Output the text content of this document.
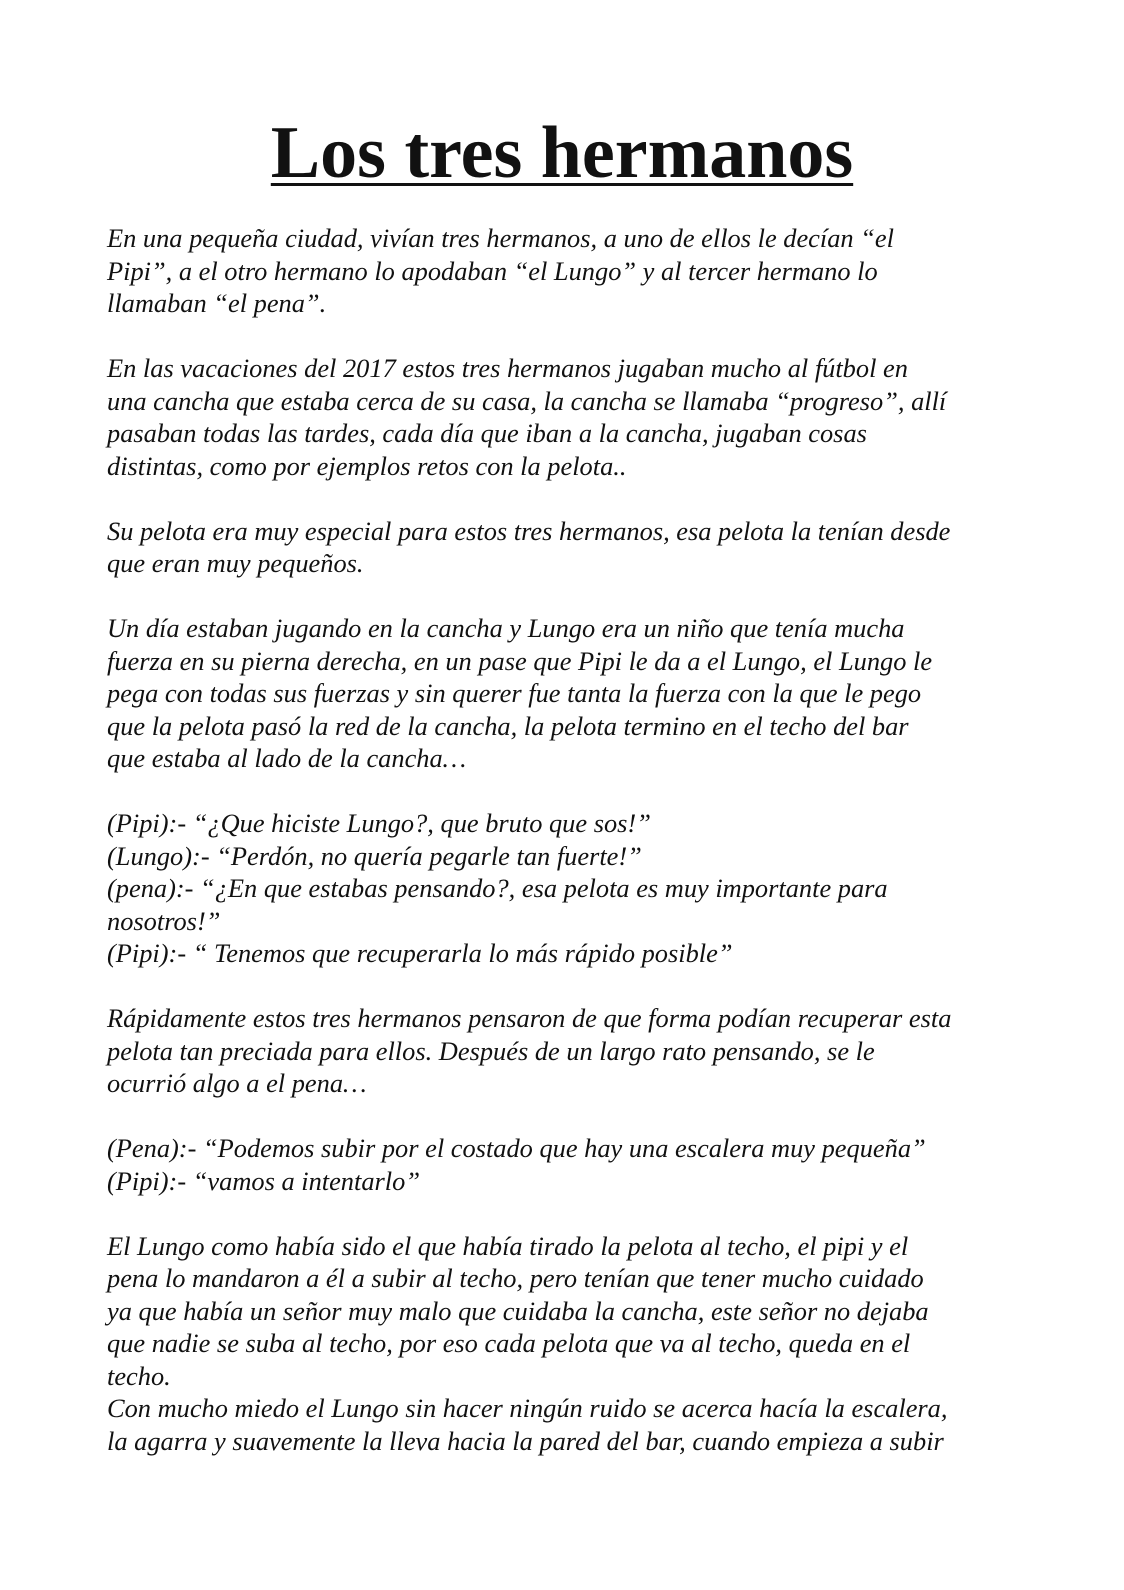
Los tres hermanos

En una pequeña ciudad, vivían tres hermanos, a uno de ellos le decían “el
Pipi”, a el otro hermano lo apodaban “el Lungo” y al tercer hermano lo
llamaban “el pena”.

En las vacaciones del 2017 estos tres hermanos jugaban mucho al fútbol en
una cancha que estaba cerca de su casa, la cancha se llamaba “progreso”, allí
pasaban todas las tardes, cada día que iban a la cancha, jugaban cosas
distintas, como por ejemplos retos con la pelota..

Su pelota era muy especial para estos tres hermanos, esa pelota la tenían desde
que eran muy pequeños.

Un día estaban jugando en la cancha y Lungo era un niño que tenía mucha
fuerza en su pierna derecha, en un pase que Pipi le da a el Lungo, el Lungo le
pega con todas sus fuerzas y sin querer fue tanta la fuerza con la que le pego
que la pelota pasó la red de la cancha, la pelota termino en el techo del bar
que estaba al lado de la cancha…

(Pipi):- “¿Que hiciste Lungo?, que bruto que sos!”
(Lungo):- “Perdón, no quería pegarle tan fuerte!”
(pena):- “¿En que estabas pensando?, esa pelota es muy importante para
nosotros!”
(Pipi):- “ Tenemos que recuperarla lo más rápido posible”

Rápidamente estos tres hermanos pensaron de que forma podían recuperar esta
pelota tan preciada para ellos. Después de un largo rato pensando, se le
ocurrió algo a el pena…

(Pena):- “Podemos subir por el costado que hay una escalera muy pequeña”
(Pipi):- “vamos a intentarlo”

El Lungo como había sido el que había tirado la pelota al techo, el pipi y el
pena lo mandaron a él a subir al techo, pero tenían que tener mucho cuidado
ya que había un señor muy malo que cuidaba la cancha, este señor no dejaba
que nadie se suba al techo, por eso cada pelota que va al techo, queda en el
techo.

Con mucho miedo el Lungo sin hacer ningún ruido se acerca hacía la escalera,
la agarra y suavemente la lleva hacia la pared del bar, cuando empieza a subir
